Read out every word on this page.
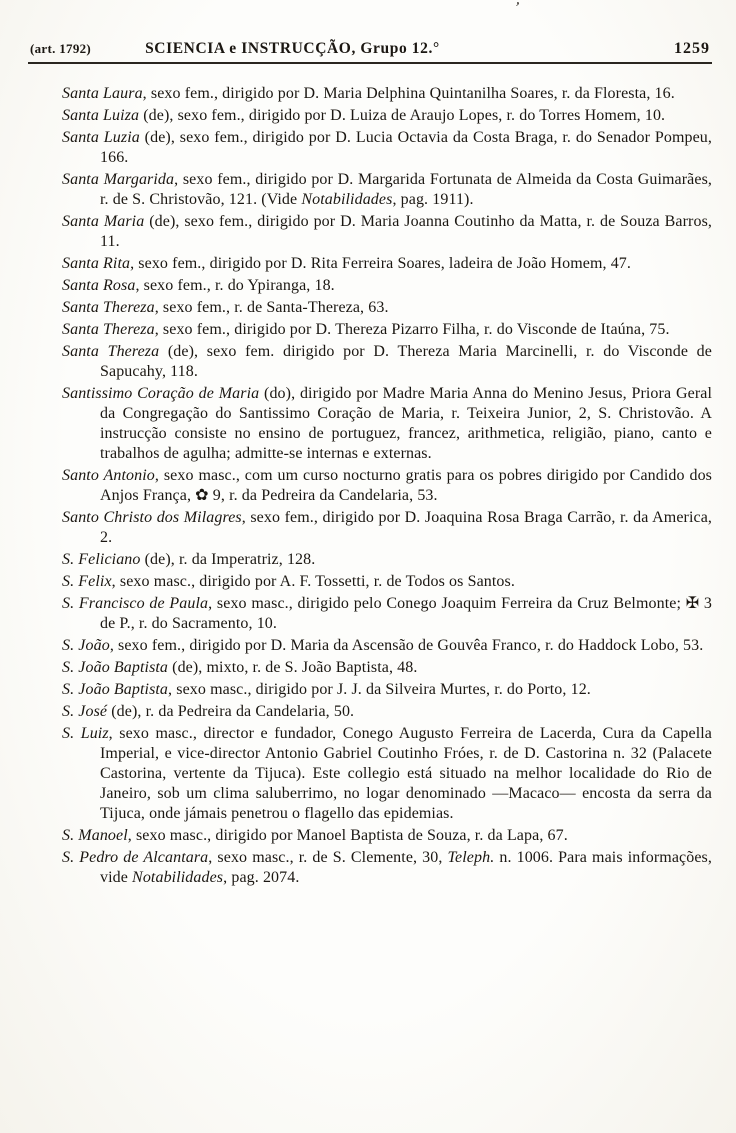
’
(art. 1792)	SCIENCIA e INSTRUCÇÃO, Grupo 12.°	1259

Santa Laura, sexo fem., dirigido por D. Maria Delphina Quintanilha Soares, r. da Floresta, 16.

Santa Luiza (de), sexo fem., dirigido por D. Luiza de Araujo Lopes, r. do Torres Homem, 10.

Santa Luzia (de), sexo fem., dirigido por D. Lucia Octavia da Costa Braga, r. do Senador Pompeu, 166.

Santa Margarida, sexo fem., dirigido por D. Margarida Fortunata de Almeida da Costa Guimarães, r. de S. Christovão, 121. (Vide Notabilidades, pag. 1911).

Santa Maria (de), sexo fem., dirigido por D. Maria Joanna Coutinho da Matta, r. de Souza Barros, 11.

Santa Rita, sexo fem., dirigido por D. Rita Ferreira Soares, ladeira de João Homem, 47.

Santa Rosa, sexo fem., r. do Ypiranga, 18.

Santa Thereza, sexo fem., r. de Santa-Thereza, 63.

Santa Thereza, sexo fem., dirigido por D. Thereza Pizarro Filha, r. do Visconde de Itaúna, 75.

Santa Thereza (de), sexo fem. dirigido por D. Thereza Maria Marcinelli, r. do Visconde de Sapucahy, 118.

Santissimo Coração de Maria (do), dirigido por Madre Maria Anna do Menino Jesus, Priora Geral da Congregação do Santissimo Coração de Maria, r. Teixeira Junior, 2, S. Christovão. A instrucção consiste no ensino de portuguez, francez, arithmetica, religião, piano, canto e trabalhos de agulha; admitte-se internas e externas.

Santo Antonio, sexo masc., com um curso nocturno gratis para os pobres dirigido por Candido dos Anjos França, ✿ 9, r. da Pedreira da Candelaria, 53.

Santo Christo dos Milagres, sexo fem., dirigido por D. Joaquina Rosa Braga Carrão, r. da America, 2.

S. Feliciano (de), r. da Imperatriz, 128.

S. Felix, sexo masc., dirigido por A. F. Tossetti, r. de Todos os Santos.

S. Francisco de Paula, sexo masc., dirigido pelo Conego Joaquim Ferreira da Cruz Belmonte; ✠ 3 de P., r. do Sacramento, 10.

S. João, sexo fem., dirigido por D. Maria da Ascensão de Gouvêa Franco, r. do Haddock Lobo, 53.

S. João Baptista (de), mixto, r. de S. João Baptista, 48.

S. João Baptista, sexo masc., dirigido por J. J. da Silveira Murtes, r. do Porto, 12.

S. José (de), r. da Pedreira da Candelaria, 50.

S. Luiz, sexo masc., director e fundador, Conego Augusto Ferreira de Lacerda, Cura da Capella Imperial, e vice-director Antonio Gabriel Coutinho Fróes, r. de D. Castorina n. 32 (Palacete Castorina, vertente da Tijuca). Este collegio está situado na melhor localidade do Rio de Janeiro, sob um clima saluberrimo, no logar denominado —Macaco— encosta da serra da Tijuca, onde jámais penetrou o flagello das epidemias.

S. Manoel, sexo masc., dirigido por Manoel Baptista de Souza, r. da Lapa, 67.

S. Pedro de Alcantara, sexo masc., r. de S. Clemente, 30, Teleph. n. 1006. Para mais informações, vide Notabilidades, pag. 2074.
